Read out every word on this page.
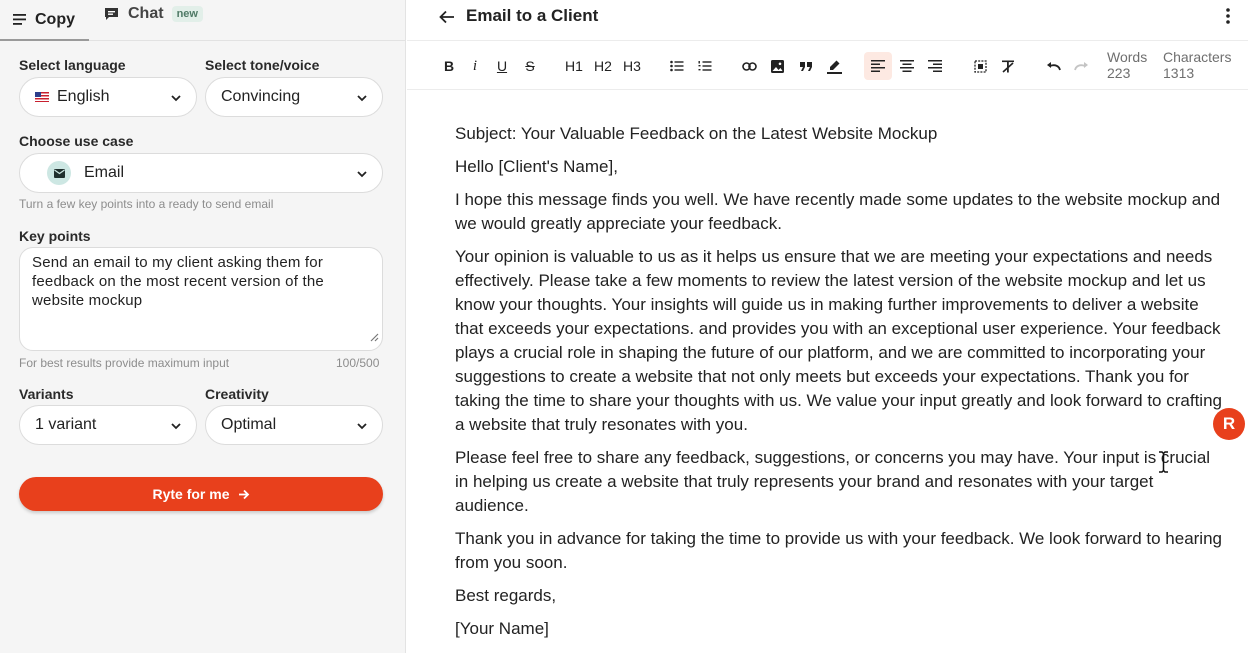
Copy	Chat	new
Select language
English
Select tone/voice
Convincing
Choose use case
Email
Turn a few key points into a ready to send email
Key points
Send an email to my client asking them for feedback on the most recent version of the website mockup
For best results provide maximum input	100/500
Variants
1 variant
Creativity
Optimal
Ryte for me
Email to a Client
B	i	U	S	H1 H2 H3
Words
223
Characters
1313

Subject: Your Valuable Feedback on the Latest Website Mockup

Hello [Client's Name],

I hope this message finds you well. We have recently made some updates to the website mockup and we would greatly appreciate your feedback.

Your opinion is valuable to us as it helps us ensure that we are meeting your expectations and needs effectively. Please take a few moments to review the latest version of the website mockup and let us know your thoughts. Your insights will guide us in making further improvements to deliver a website that exceeds your expectations. and provides you with an exceptional user experience. Your feedback plays a crucial role in shaping the future of our platform, and we are committed to incorporating your suggestions to create a website that not only meets but exceeds your expectations. Thank you for taking the time to share your thoughts with us. We value your input greatly and look forward to crafting a website that truly resonates with you.

Please feel free to share any feedback, suggestions, or concerns you may have. Your input is crucial in helping us create a website that truly represents your brand and resonates with your target audience.

Thank you in advance for taking the time to provide us with your feedback. We look forward to hearing from you soon.

Best regards,

[Your Name]

R
